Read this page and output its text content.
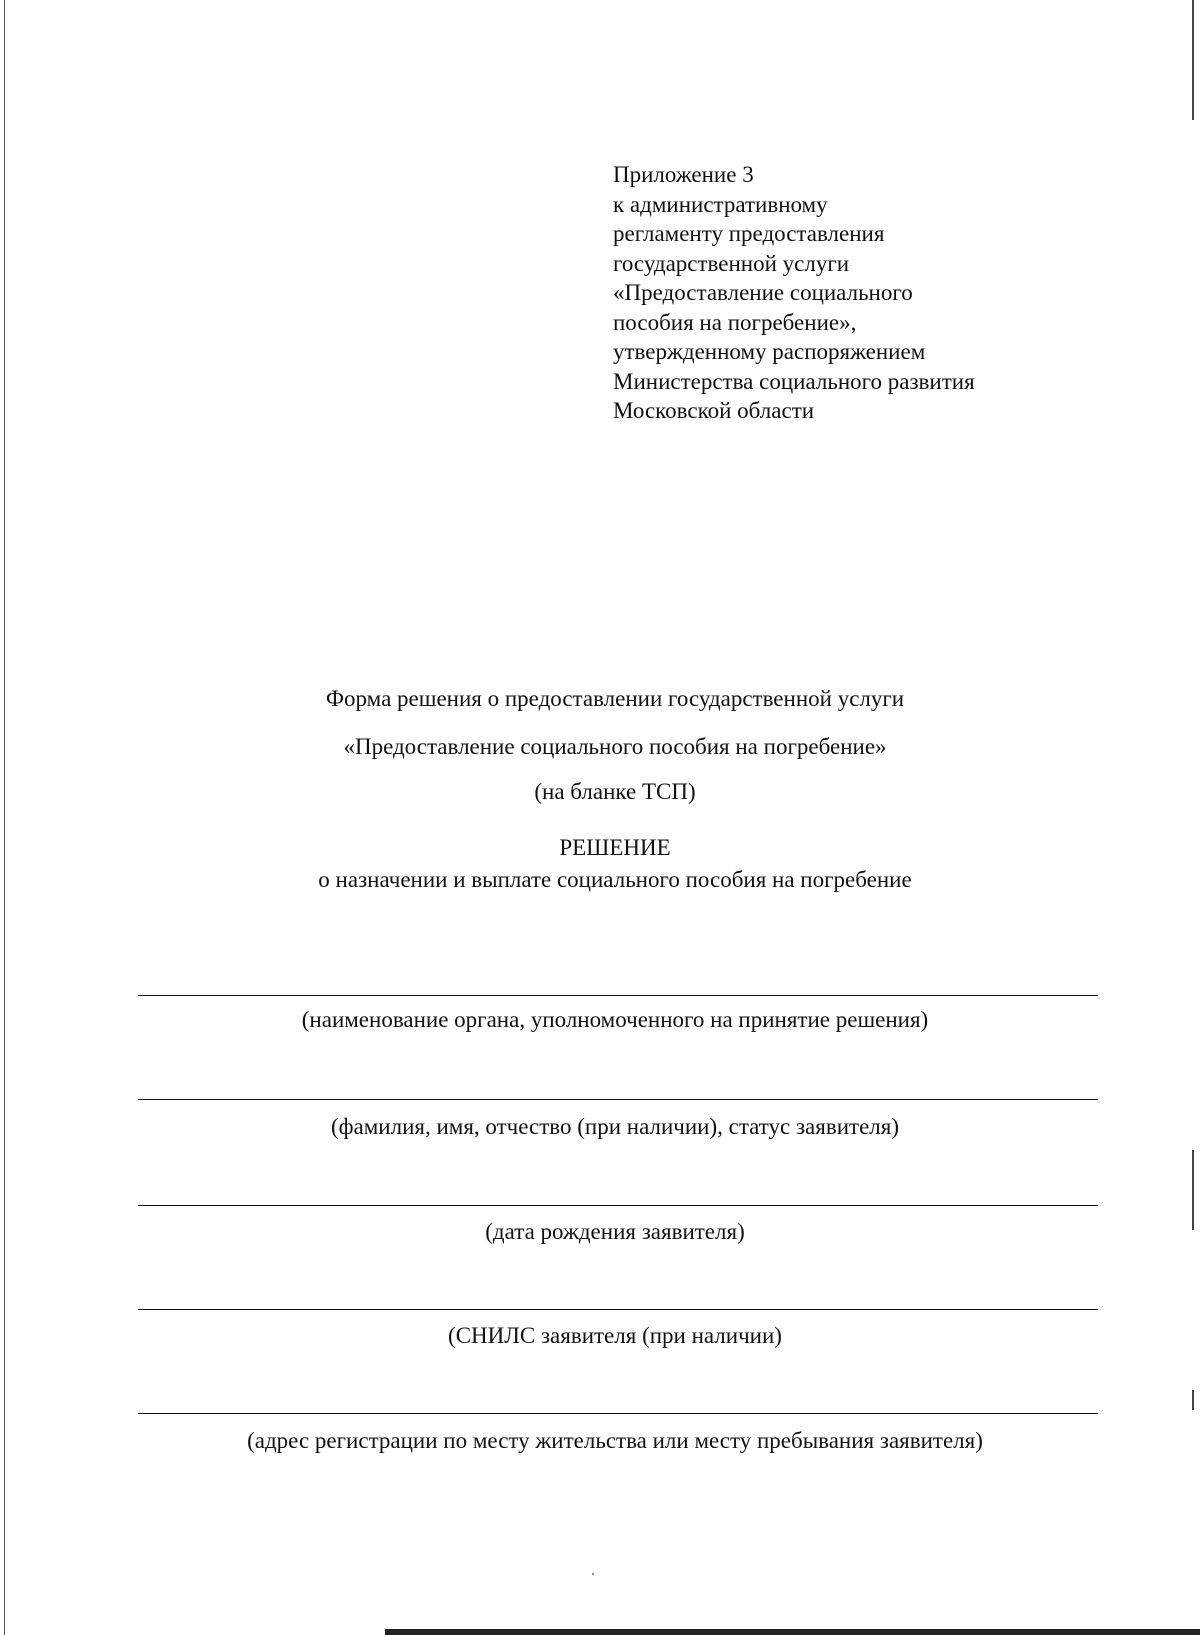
Приложение 3
к административному
регламенту предоставления
государственной услуги
«Предоставление социального
пособия на погребение»,
утвержденному распоряжением
Министерства социального развития
Московской области
Форма решения о предоставлении государственной услуги
«Предоставление социального пособия на погребение»
(на бланке ТСП)
РЕШЕНИЕ
о назначении и выплате социального пособия на погребение
(наименование органа, уполномоченного на принятие решения)
(фамилия, имя, отчество (при наличии), статус заявителя)
(дата рождения заявителя)
(СНИЛС заявителя (при наличии)
(адрес регистрации по месту жительства или месту пребывания заявителя)
